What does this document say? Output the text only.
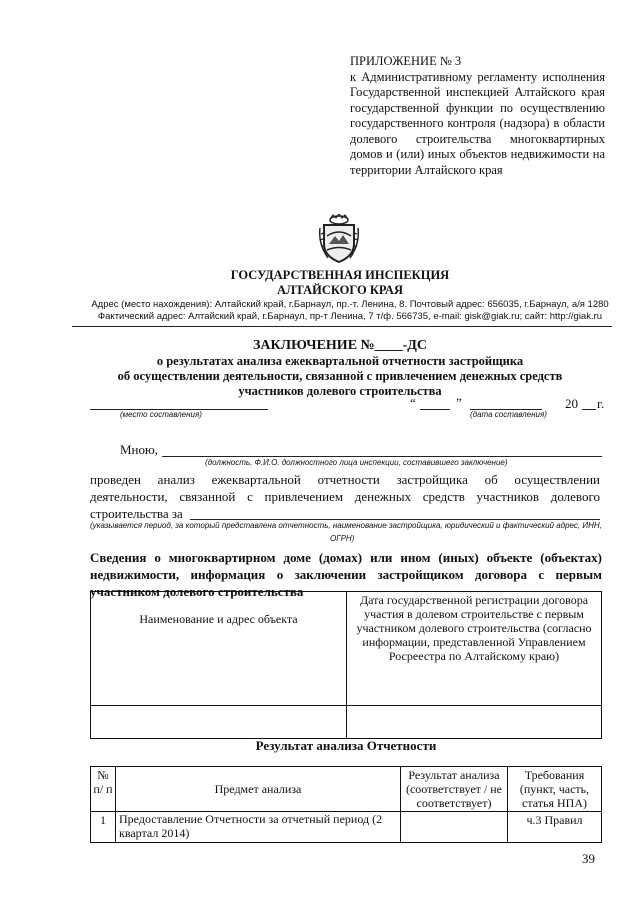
ПРИЛОЖЕНИЕ № 3
к Административному регламенту исполнения Государственной инспекцией Алтайского края государственной функции по осуществлению государственного контроля (надзора) в области долевого строительства многоквартирных домов и (или) иных объектов недвижимости на территории Алтайского края
ГОСУДАРСТВЕННАЯ ИНСПЕКЦИЯ
АЛТАЙСКОГО КРАЯ
Адрес (место нахождения): Алтайский край, г.Барнаул, пр.-т. Ленина, 8. Почтовый адрес: 656035, г.Барнаул, а/я 1280
Фактический адрес: Алтайский край, г.Барнаул, пр-т Ленина, 7 т/ф. 566735, e-mail: gisk@giak.ru; сайт: http://giak.ru
ЗАКЛЮЧЕНИЕ №____-ДС
о результатах анализа ежеквартальной отчетности застройщика
об осуществлении деятельности, связанной с привлечением денежных средств
участников долевого строительства
(место составления)
“	”
(дата составления)
20 г.
Мною,
(должность, Ф.И.О. должностного лица инспекции, составившего заключение)
проведен анализ ежеквартальной отчетности застройщика об осуществлении
деятельности, связанной с привлечением денежных средств участников долевого
строительства за
(указывается период, за который представлена отчетность, наименование застройщика, юридический и фактический адрес, ИНН,
ОГРН)
Сведения о многоквартирном доме (домах) или ином (иных) объекте (объектах) недвижимости, информация о заключении застройщиком договора с первым участником долевого строительства
Наименование и адрес объекта	Дата государственной регистрации договора участия в долевом строительстве с первым участником долевого строительства (согласно информации, представленной Управлением Росреестра по Алтайскому краю)

Результат анализа Отчетности
№ п/ п	Предмет анализа	Результат анализа (соответствует / не соответствует)	Требования (пункт, часть, статья НПА)
1	Предоставление Отчетности за отчетный период (2 квартал 2014)		ч.3 Правил
39
